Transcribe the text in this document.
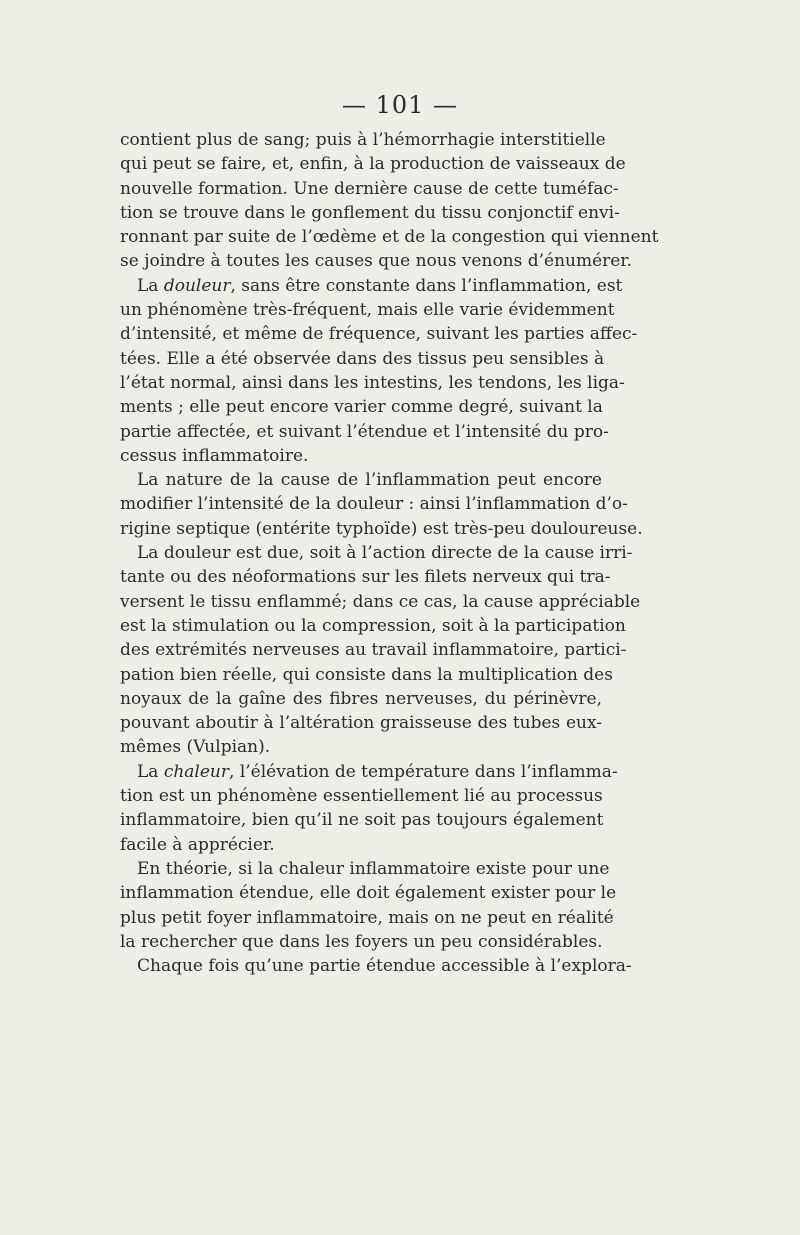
— 101 —
contient plus de sang; puis à l’hémorrhagie interstitielle
qui peut se faire, et, enfin, à la production de vaisseaux de
nouvelle formation. Une dernière cause de cette tuméfac-
tion se trouve dans le gonflement du tissu conjonctif envi-
ronnant par suite de l’œdème et de la congestion qui viennent
se joindre à toutes les causes que nous venons d’énumérer.
La douleur, sans être constante dans l’inflammation, est
un phénomène très-fréquent, mais elle varie évidemment
d’intensité, et même de fréquence, suivant les parties affec-
tées. Elle a été observée dans des tissus peu sensibles à
l’état normal, ainsi dans les intestins, les tendons, les liga-
ments ; elle peut encore varier comme degré, suivant la
partie affectée, et suivant l’étendue et l’intensité du pro-
cessus inflammatoire.
La nature de la cause de l’inflammation peut encore
modifier l’intensité de la douleur : ainsi l’inflammation d’o-
rigine septique (entérite typhoïde) est très-peu douloureuse.
La douleur est due, soit à l’action directe de la cause irri-
tante ou des néoformations sur les filets nerveux qui tra-
versent le tissu enflammé; dans ce cas, la cause appréciable
est la stimulation ou la compression, soit à la participation
des extrémités nerveuses au travail inflammatoire, partici-
pation bien réelle, qui consiste dans la multiplication des
noyaux de la gaîne des fibres nerveuses, du périnèvre,
pouvant aboutir à l’altération graisseuse des tubes eux-
mêmes (Vulpian).
La chaleur, l’élévation de température dans l’inflamma-
tion est un phénomène essentiellement lié au processus
inflammatoire, bien qu’il ne soit pas toujours également
facile à apprécier.
En théorie, si la chaleur inflammatoire existe pour une
inflammation étendue, elle doit également exister pour le
plus petit foyer inflammatoire, mais on ne peut en réalité
la rechercher que dans les foyers un peu considérables.
Chaque fois qu’une partie étendue accessible à l’explora-
